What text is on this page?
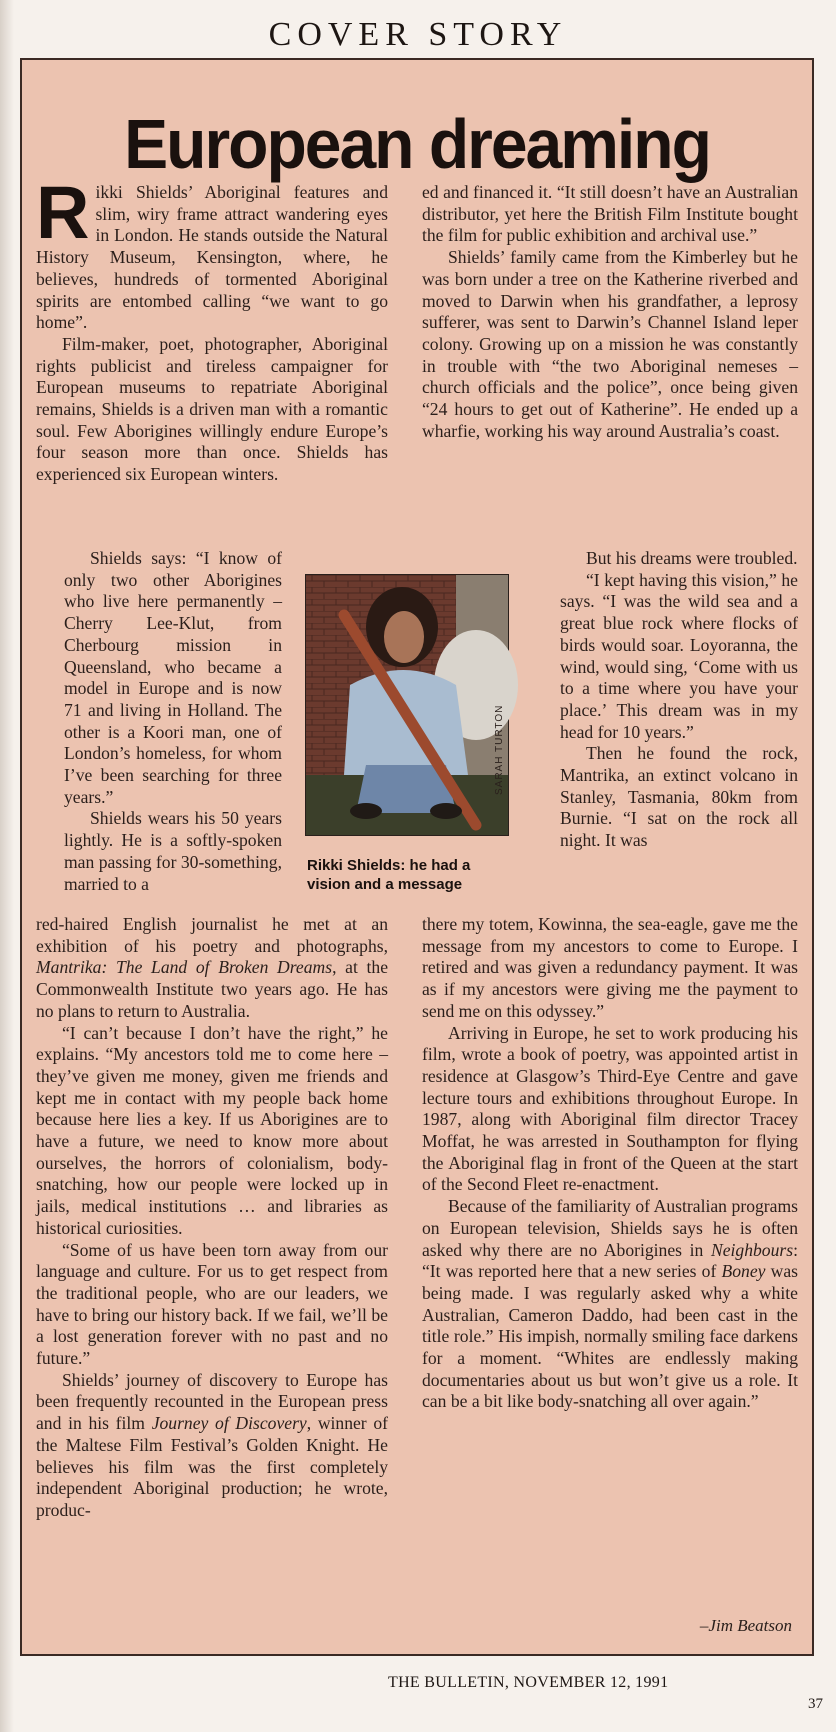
COVER STORY
European dreaming

Rikki Shields’ Aboriginal features and slim, wiry frame attract wandering eyes in London. He stands outside the Natural History Museum, Kensington, where, he believes, hundreds of tormented Aboriginal spirits are entombed calling “we want to go home”.

Film-maker, poet, photographer, Aboriginal rights publicist and tireless campaigner for European museums to repatriate Aboriginal remains, Shields is a driven man with a romantic soul. Few Aborigines willingly endure Europe’s four season more than once. Shields has experienced six European winters.

Shields says: “I know of only two other Aborigines who live here permanently – Cherry Lee-Klut, from Cherbourg mission in Queensland, who became a model in Europe and is now 71 and living in Holland. The other is a Koori man, one of London’s homeless, for whom I’ve been searching for three years.”

Shields wears his 50 years lightly. He is a softly-spoken man passing for 30-something, married to a

red-haired English journalist he met at an exhibition of his poetry and photographs, Mantrika: The Land of Broken Dreams, at the Commonwealth Institute two years ago. He has no plans to return to Australia.

“I can’t because I don’t have the right,” he explains. “My ancestors told me to come here – they’ve given me money, given me friends and kept me in contact with my people back home because here lies a key. If us Aborigines are to have a future, we need to know more about ourselves, the horrors of colonialism, body-snatching, how our people were locked up in jails, medical institutions … and libraries as historical curiosities.

“Some of us have been torn away from our language and culture. For us to get respect from the traditional people, who are our leaders, we have to bring our history back. If we fail, we’ll be a lost generation forever with no past and no future.”

Shields’ journey of discovery to Europe has been frequently recounted in the European press and in his film Journey of Discovery, winner of the Maltese Film Festival’s Golden Knight. He believes his film was the first completely independent Aboriginal production; he wrote, produc-

ed and financed it. “It still doesn’t have an Australian distributor, yet here the British Film Institute bought the film for public exhibition and archival use.”

Shields’ family came from the Kimberley but he was born under a tree on the Katherine riverbed and moved to Darwin when his grandfather, a leprosy sufferer, was sent to Darwin’s Channel Island leper colony. Growing up on a mission he was constantly in trouble with “the two Aboriginal nemeses – church officials and the police”, once being given “24 hours to get out of Katherine”. He ended up a wharfie, working his way around Australia’s coast.

But his dreams were troubled.

“I kept having this vision,” he says. “I was the wild sea and a great blue rock where flocks of birds would soar. Loyoranna, the wind, would sing, ‘Come with us to a time where you have your place.’ This dream was in my head for 10 years.”

Then he found the rock, Mantrika, an extinct volcano in Stanley, Tasmania, 80km from Burnie. “I sat on the rock all night. It was

there my totem, Kowinna, the sea-eagle, gave me the message from my ancestors to come to Europe. I retired and was given a redundancy payment. It was as if my ancestors were giving me the payment to send me on this odyssey.”

Arriving in Europe, he set to work producing his film, wrote a book of poetry, was appointed artist in residence at Glasgow’s Third-Eye Centre and gave lecture tours and exhibitions throughout Europe. In 1987, along with Aboriginal film director Tracey Moffat, he was arrested in Southampton for flying the Aboriginal flag in front of the Queen at the start of the Second Fleet re-enactment.

Because of the familiarity of Australian programs on European television, Shields says he is often asked why there are no Aborigines in Neighbours: “It was reported here that a new series of Boney was being made. I was regularly asked why a white Australian, Cameron Daddo, had been cast in the title role.” His impish, normally smiling face darkens for a moment. “Whites are endlessly making documentaries about us but won’t give us a role. It can be a bit like body-snatching all over again.”

–Jim Beatson
SARAH TURTON
Rikki Shields: he had a vision and a message
THE BULLETIN, NOVEMBER 12, 1991
37
